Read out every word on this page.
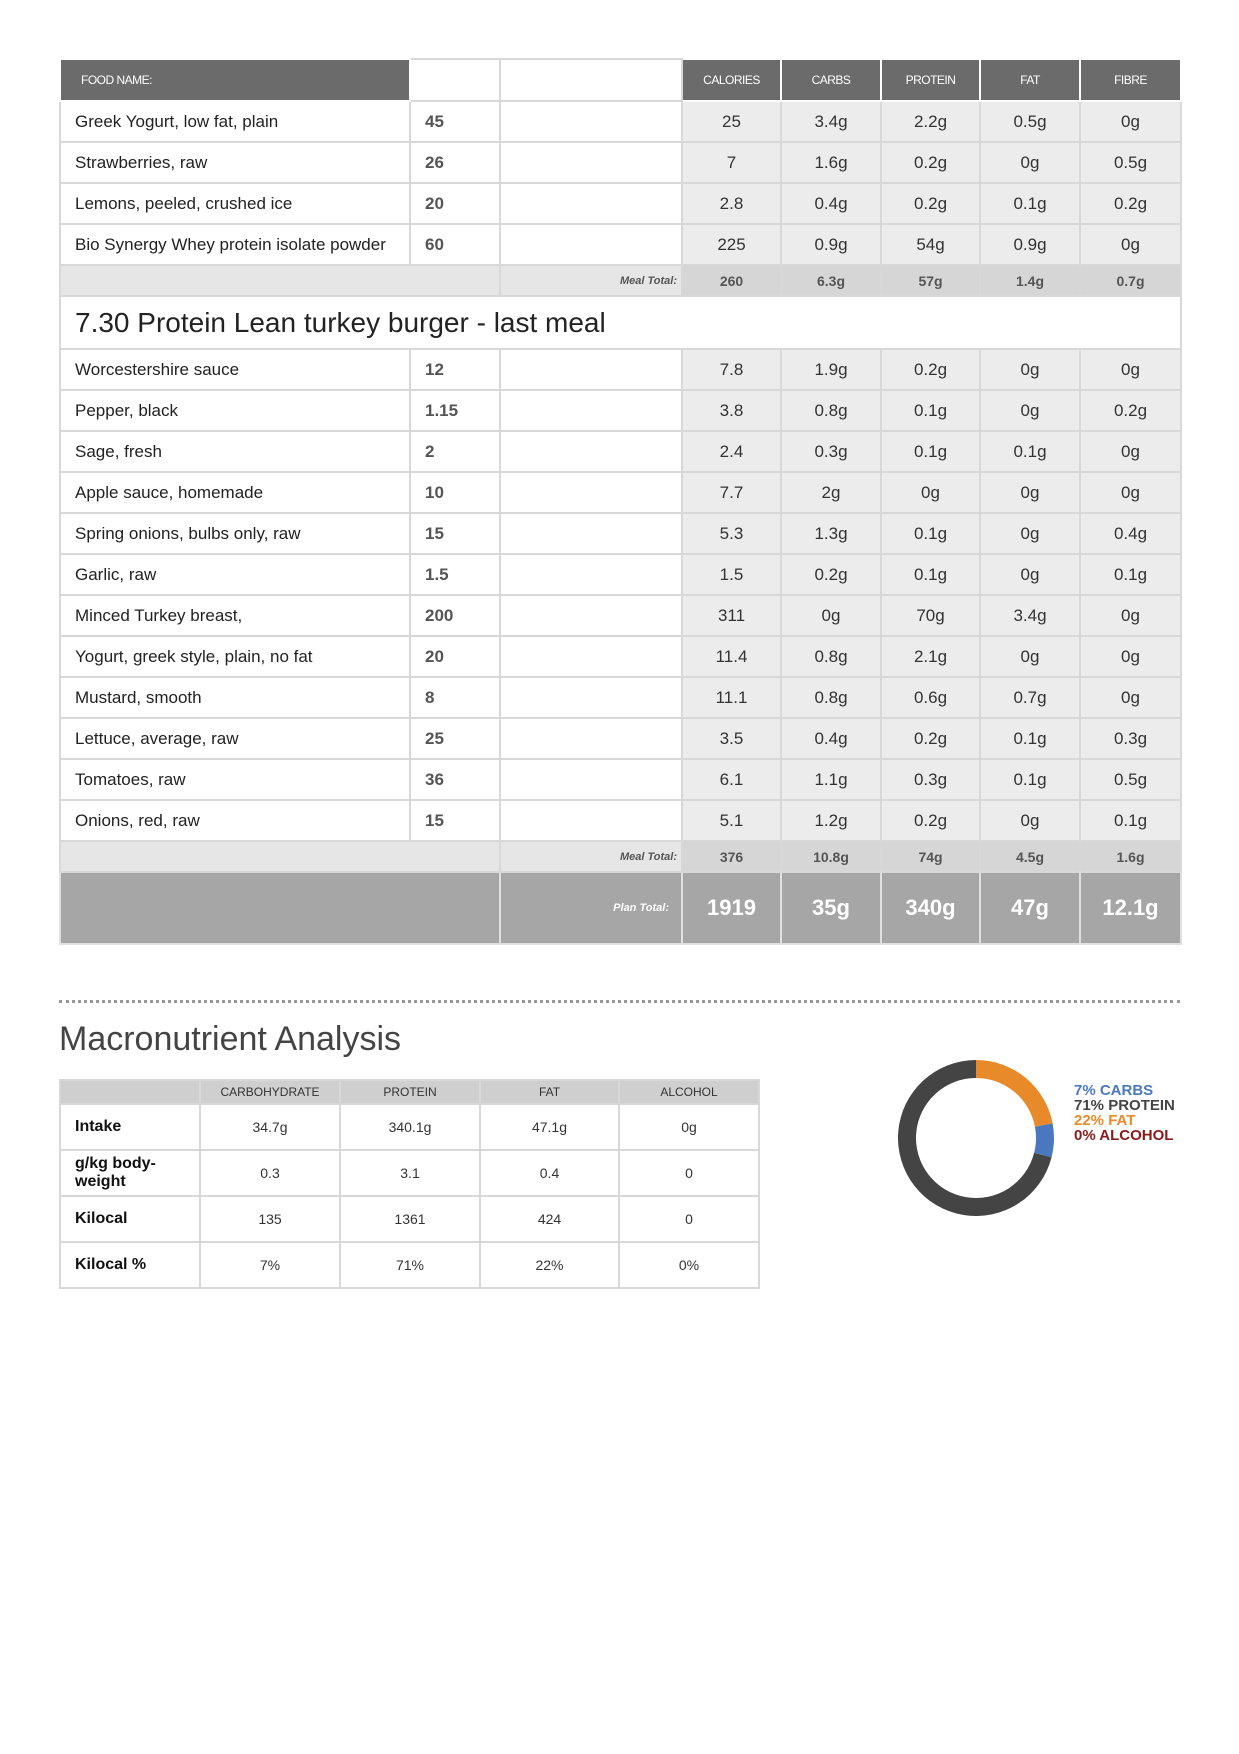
FOOD NAME:			CALORIES	CARBS	PROTEIN	FAT	FIBRE
Greek Yogurt, low fat, plain	45		25	3.4g	2.2g	0.5g	0g
Strawberries, raw	26		7	1.6g	0.2g	0g	0.5g
Lemons, peeled, crushed ice	20		2.8	0.4g	0.2g	0.1g	0.2g
Bio Synergy Whey protein isolate powder	60		225	0.9g	54g	0.9g	0g
		Meal Total:	260	6.3g	57g	1.4g	0.7g
7.30 Protein Lean turkey burger - last meal							
Worcestershire sauce	12		7.8	1.9g	0.2g	0g	0g
Pepper, black	1.15		3.8	0.8g	0.1g	0g	0.2g
Sage, fresh	2		2.4	0.3g	0.1g	0.1g	0g
Apple sauce, homemade	10		7.7	2g	0g	0g	0g
Spring onions, bulbs only, raw	15		5.3	1.3g	0.1g	0g	0.4g
Garlic, raw	1.5		1.5	0.2g	0.1g	0g	0.1g
Minced Turkey breast,	200		311	0g	70g	3.4g	0g
Yogurt, greek style, plain, no fat	20		11.4	0.8g	2.1g	0g	0g
Mustard, smooth	8		11.1	0.8g	0.6g	0.7g	0g
Lettuce, average, raw	25		3.5	0.4g	0.2g	0.1g	0.3g
Tomatoes, raw	36		6.1	1.1g	0.3g	0.1g	0.5g
Onions, red, raw	15		5.1	1.2g	0.2g	0g	0.1g
		Meal Total:	376	10.8g	74g	4.5g	1.6g
		Plan Total:	1919	35g	340g	47g	12.1g
Macronutrient Analysis
	CARBOHYDRATE	PROTEIN	FAT	ALCOHOL
Intake	34.7g	340.1g	47.1g	0g
g/kg body-weight	0.3	3.1	0.4	0
Kilocal	135	1361	424	0
Kilocal %	7%	71%	22%	0%
7% CARBS
71% PROTEIN
22% FAT
0% ALCOHOL
